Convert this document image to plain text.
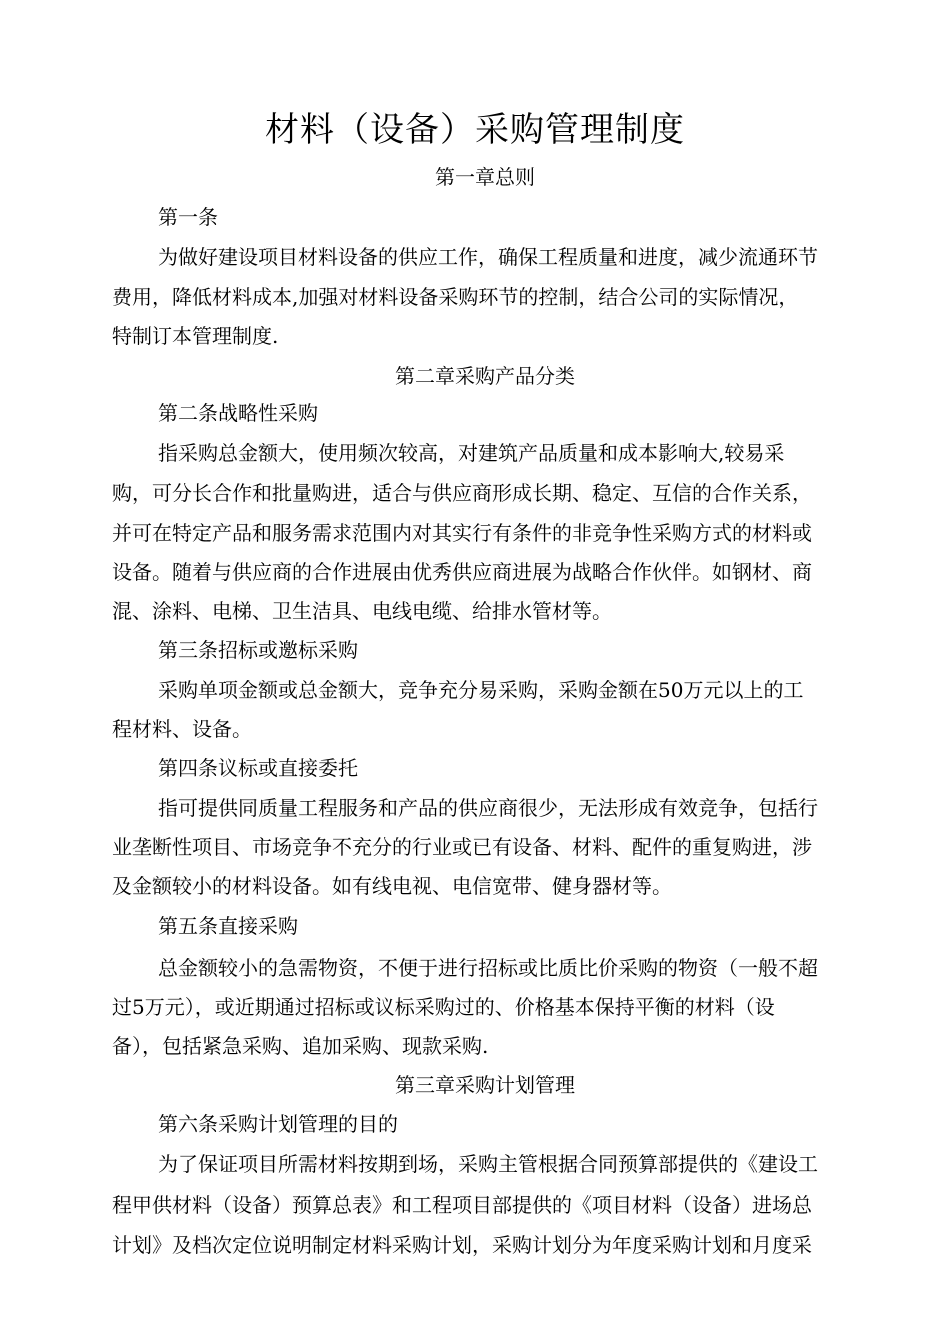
材料（设备）采购管理制度
第一章总则
第一条
为做好建设项目材料设备的供应工作，确保工程质量和进度，减少流通环节
费用，降低材料成本,加强对材料设备采购环节的控制，结合公司的实际情况，
特制订本管理制度.
第二章采购产品分类
第二条战略性采购
指采购总金额大，使用频次较高，对建筑产品质量和成本影响大,较易采
购，可分长合作和批量购进，适合与供应商形成长期、稳定、互信的合作关系，
并可在特定产品和服务需求范围内对其实行有条件的非竞争性采购方式的材料或
设备。随着与供应商的合作进展由优秀供应商进展为战略合作伙伴。如钢材、商
混、涂料、电梯、卫生洁具、电线电缆、给排水管材等。
第三条招标或邀标采购
采购单项金额或总金额大，竞争充分易采购，采购金额在50万元以上的工
程材料、设备。
第四条议标或直接委托
指可提供同质量工程服务和产品的供应商很少，无法形成有效竞争，包括行
业垄断性项目、市场竞争不充分的行业或已有设备、材料、配件的重复购进，涉
及金额较小的材料设备。如有线电视、电信宽带、健身器材等。
第五条直接采购
总金额较小的急需物资，不便于进行招标或比质比价采购的物资（一般不超
过5万元），或近期通过招标或议标采购过的、价格基本保持平衡的材料（设
备），包括紧急采购、追加采购、现款采购.
第三章采购计划管理
第六条采购计划管理的目的
为了保证项目所需材料按期到场，采购主管根据合同预算部提供的《建设工
程甲供材料（设备）预算总表》和工程项目部提供的《项目材料（设备）进场总
计划》及档次定位说明制定材料采购计划，采购计划分为年度采购计划和月度采
